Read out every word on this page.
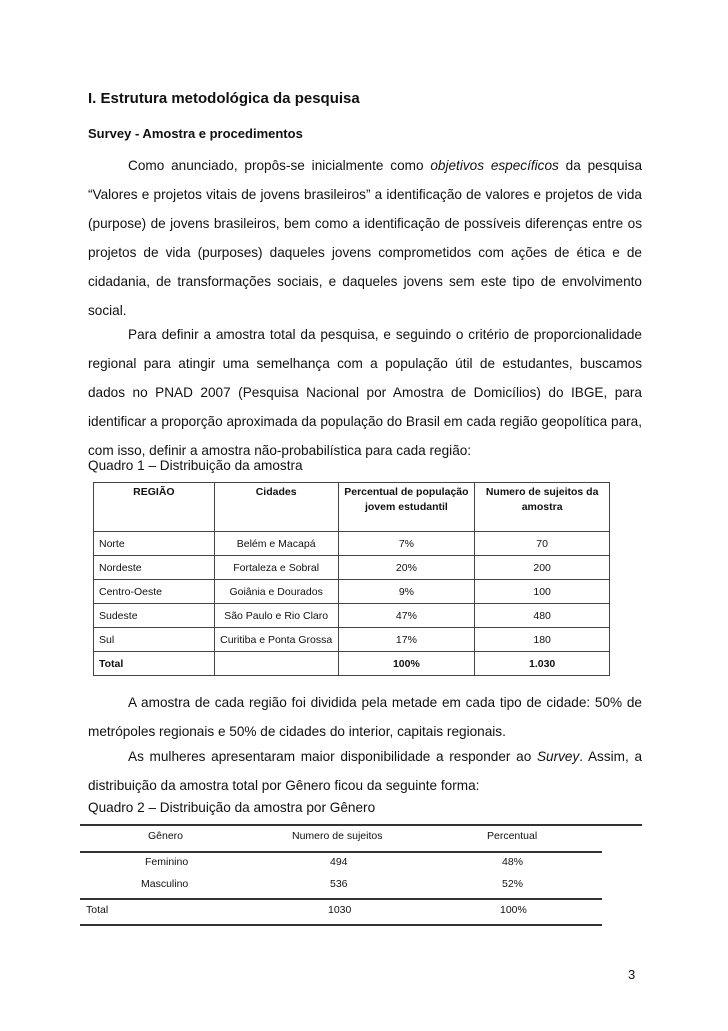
I. Estrutura metodológica da pesquisa
Survey - Amostra e procedimentos

Como anunciado, propôs-se inicialmente como objetivos específicos da pesquisa “Valores e projetos vitais de jovens brasileiros” a identificação de valores e projetos de vida (purpose) de jovens brasileiros, bem como a identificação de possíveis diferenças entre os projetos de vida (purposes) daqueles jovens comprometidos com ações de ética e de cidadania, de transformações sociais, e daqueles jovens sem este tipo de envolvimento social.

Para definir a amostra total da pesquisa, e seguindo o critério de proporcionalidade regional para atingir uma semelhança com a população útil de estudantes, buscamos dados no PNAD 2007 (Pesquisa Nacional por Amostra de Domicílios) do IBGE, para identificar a proporção aproximada da população do Brasil em cada região geopolítica para, com isso, definir a amostra não-probabilística para cada região:

Quadro 1 – Distribuição da amostra
REGIÃO	Cidades	Percentual de população jovem estudantil	Numero de sujeitos da amostra
Norte	Belém e Macapá	7%	70
Nordeste	Fortaleza e Sobral	20%	200
Centro-Oeste	Goiânia e Dourados	9%	100
Sudeste	São Paulo e Rio Claro	47%	480
Sul	Curitiba e Ponta Grossa	17%	180
Total		100%	1.030

A amostra de cada região foi dividida pela metade em cada tipo de cidade: 50% de metrópoles regionais e 50% de cidades do interior, capitais regionais.

As mulheres apresentaram maior disponibilidade a responder ao Survey. Assim, a distribuição da amostra total por Gênero ficou da seguinte forma:

Quadro 2 – Distribuição da amostra por Gênero
Gênero	Numero de sujeitos	Percentual
Feminino	494	48%
Masculino	536	52%
Total	1030	100%
3
